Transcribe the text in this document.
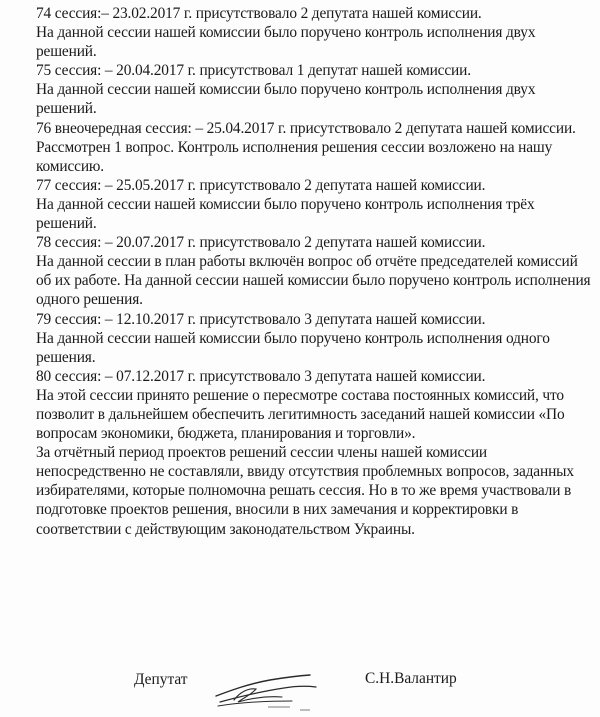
74 сессия:– 23.02.2017 г. присутствовало 2 депутата нашей комиссии.

На данной сессии нашей комиссии было поручено контроль исполнения двух решений.

75 сессия: – 20.04.2017 г. присутствовал 1 депутат нашей комиссии.

На данной сессии нашей комиссии было поручено контроль исполнения двух решений.

76 внеочередная сессия: – 25.04.2017 г. присутствовало 2 депутата нашей комиссии.

Рассмотрен 1 вопрос. Контроль исполнения решения сессии возложено на нашу комиссию.

77 сессия: – 25.05.2017 г. присутствовало 2 депутата нашей комиссии.

На данной сессии нашей комиссии было поручено контроль исполнения трёх решений.

78 сессия: – 20.07.2017 г. присутствовало 2 депутата нашей комиссии.

На данной сессии в план работы включён вопрос об отчёте председателей комиссий об их работе. На данной сессии нашей комиссии было поручено контроль исполнения одного решения.

79 сессия: – 12.10.2017 г. присутствовало 3 депутата нашей комиссии.

На данной сессии нашей комиссии было поручено контроль исполнения одного решения.

80 сессия: – 07.12.2017 г. присутствовало 3 депутата нашей комиссии.

На этой сессии принято решение о пересмотре состава постоянных комиссий, что позволит в дальнейшем обеспечить легитимность заседаний нашей комиссии «По вопросам экономики, бюджета, планирования и торговли».

За отчётный период проектов решений сессии члены нашей комиссии непосредственно не составляли, ввиду отсутствия проблемных вопросов, заданных избирателями, которые полномочна решать сессия. Но в то же время участвовали в подготовке проектов решения, вносили в них замечания и корректировки в соответствии с действующим законодательством Украины.

Депутат	С.Н.Валантир
